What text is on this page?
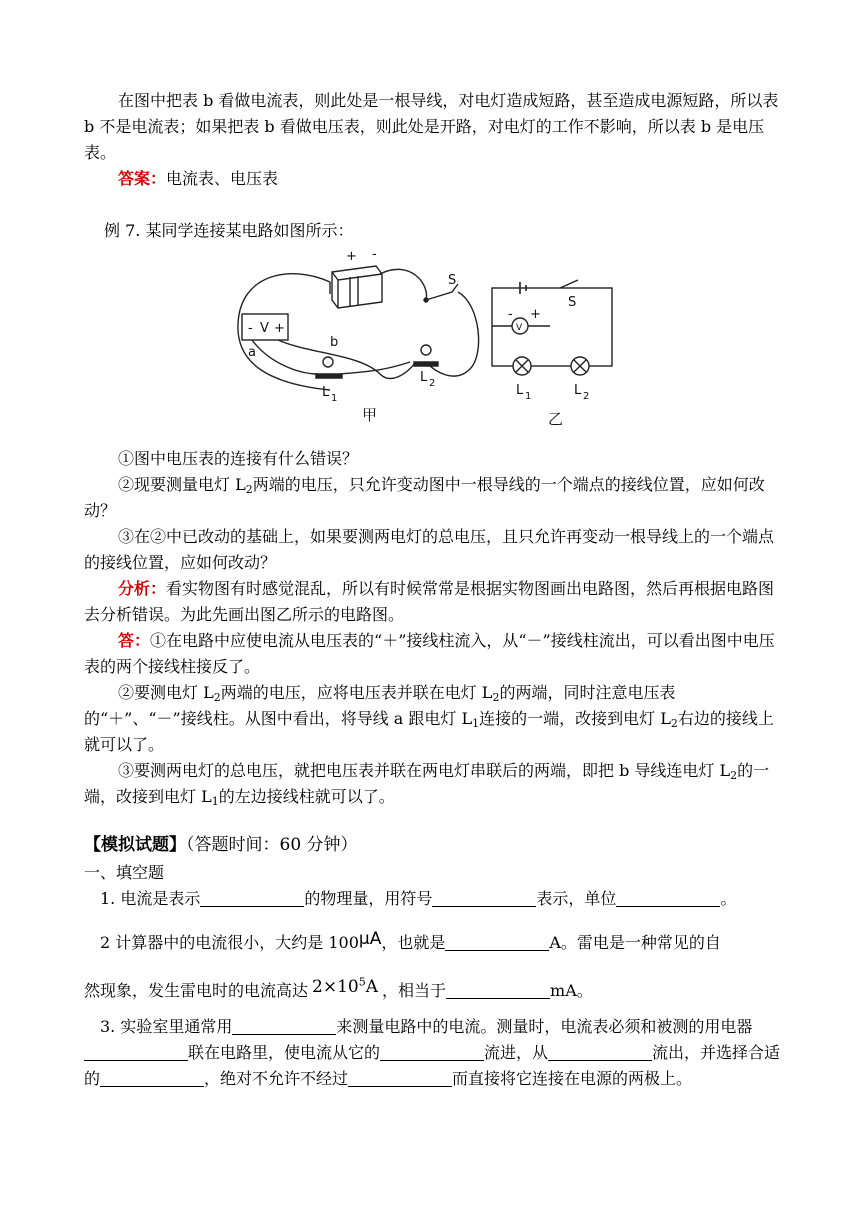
在图中把表 b 看做电流表，则此处是一根导线，对电灯造成短路，甚至造成电源短路，所以表 b 不是电流表；如果把表 b 看做电压表，则此处是开路，对电灯的工作不影响，所以表 b 是电压表。

答案：电流表、电压表

例 7. 某同学连接某电路如图所示：

+ -
S
- V +
a
b
L 1
L 2
甲
S
-
V
+
L 1	L 2
乙

①图中电压表的连接有什么错误？

②现要测量电灯 $L_2$两端的电压，只允许变动图中一根导线的一个端点的接线位置，应如何改动？

③在②中已改动的基础上，如果要测两电灯的总电压，且只允许再变动一根导线上的一个端点的接线位置，应如何改动？

分析：看实物图有时感觉混乱，所以有时候常常是根据实物图画出电路图，然后再根据电路图去分析错误。为此先画出图乙所示的电路图。

答：①在电路中应使电流从电压表的“＋”接线柱流入，从“－”接线柱流出，可以看出图中电压表的两个接线柱接反了。

②要测电灯 $L_2$两端的电压，应将电压表并联在电灯 $L_2$的两端，同时注意电压表的“＋”、“－”接线柱。从图中看出，将导线 a 跟电灯 $L_1$连接的一端，改接到电灯 $L_2$右边的接线上就可以了。

③要测两电灯的总电压，就把电压表并联在两电灯串联后的两端，即把 b 导线连电灯 $L_2$的一端，改接到电灯 $L_1$的左边接线柱就可以了。

【模拟试题】（答题时间：60 分钟）

一、填空题

1. 电流是表示	的物理量，用符号	表示，单位	。

2 计算器中的电流很小，大约是 100μA，也就是	A。雷电是一种常见的自

然现象，发生雷电时的电流高达 $2\times 10^5A$ ，相当于	mA。

3. 实验室里通常用	来测量电路中的电流。测量时，电流表必须和被测的用电器联在电路里，使电流从它的	流进，从	流出，并选择合适的	，绝对不允许不经过	而直接将它连接在电源的两极上。
